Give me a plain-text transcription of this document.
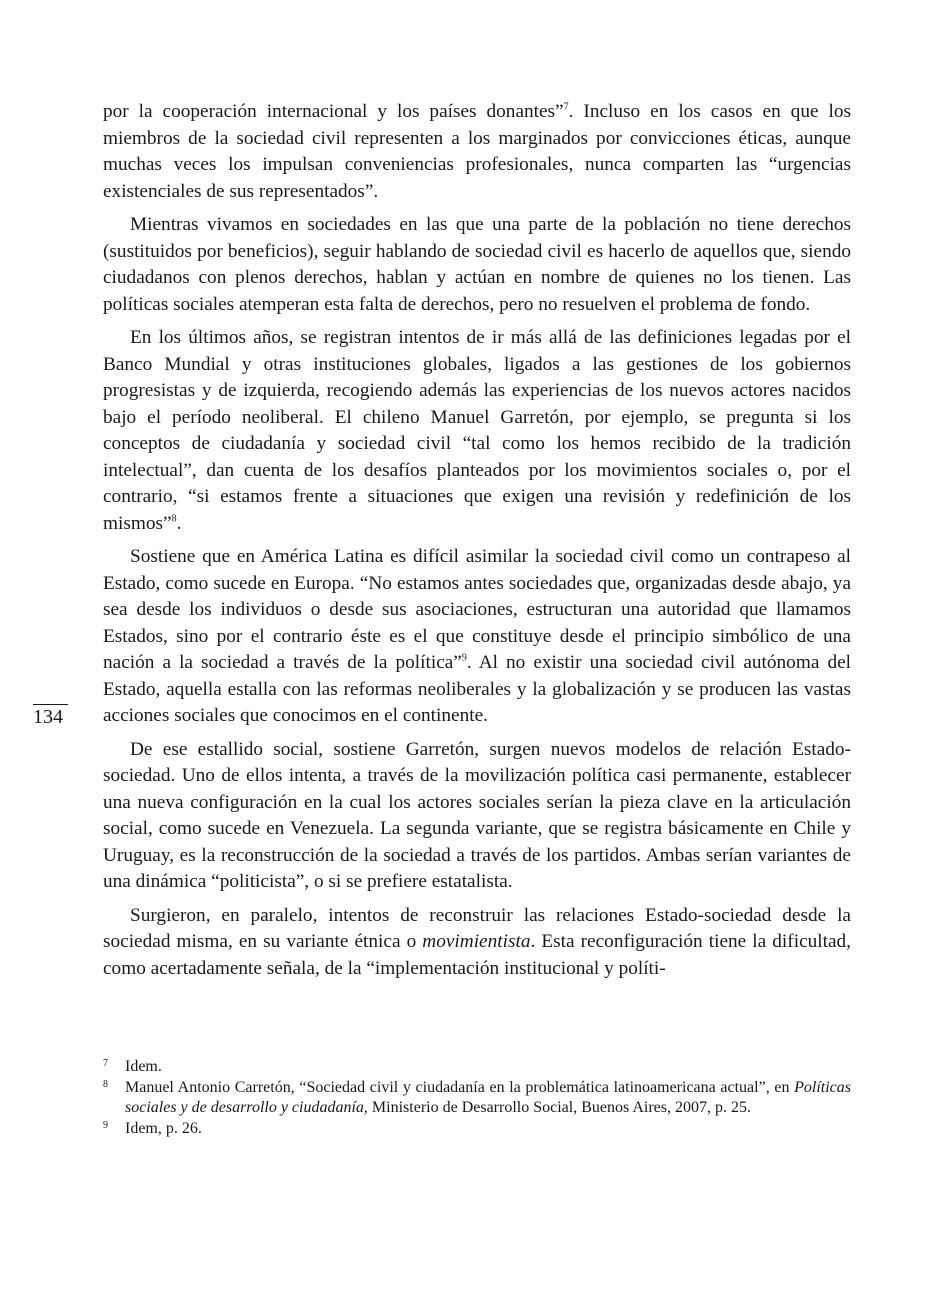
por la cooperación internacional y los países donantes”$^7$. Incluso en los casos en que los miembros de la sociedad civil representen a los marginados por convicciones éticas, aunque muchas veces los impulsan conveniencias profesionales, nunca comparten las “urgencias existenciales de sus representados”.

Mientras vivamos en sociedades en las que una parte de la población no tiene derechos (sustituidos por beneficios), seguir hablando de sociedad civil es hacerlo de aquellos que, siendo ciudadanos con plenos derechos, hablan y actúan en nombre de quienes no los tienen. Las políticas sociales atemperan esta falta de derechos, pero no resuelven el problema de fondo.

En los últimos años, se registran intentos de ir más allá de las definiciones legadas por el Banco Mundial y otras instituciones globales, ligados a las gestiones de los gobiernos progresistas y de izquierda, recogiendo además las experiencias de los nuevos actores nacidos bajo el período neoliberal. El chileno Manuel Garretón, por ejemplo, se pregunta si los conceptos de ciudadanía y sociedad civil “tal como los hemos recibido de la tradición intelectual”, dan cuenta de los desafíos planteados por los movimientos sociales o, por el contrario, “si estamos frente a situaciones que exigen una revisión y redefinición de los mismos”$^8$.

Sostiene que en América Latina es difícil asimilar la sociedad civil como un contrapeso al Estado, como sucede en Europa. “No estamos antes sociedades que, organizadas desde abajo, ya sea desde los individuos o desde sus asociaciones, estructuran una autoridad que llamamos Estados, sino por el contrario éste es el que constituye desde el principio simbólico de una nación a la sociedad a través de la política”$^9$. Al no existir una sociedad civil autónoma del Estado, aquella estalla con las reformas neoliberales y la globalización y se producen las vastas acciones sociales que conocimos en el continente.

De ese estallido social, sostiene Garretón, surgen nuevos modelos de relación Estado-sociedad. Uno de ellos intenta, a través de la movilización política casi permanente, establecer una nueva configuración en la cual los actores sociales serían la pieza clave en la articulación social, como sucede en Venezuela. La segunda variante, que se registra básicamente en Chile y Uruguay, es la reconstrucción de la sociedad a través de los partidos. Ambas serían variantes de una dinámica “politicista”, o si se prefiere estatalista.

Surgieron, en paralelo, intentos de reconstruir las relaciones Estado-sociedad desde la sociedad misma, en su variante étnica o movimientista. Esta reconfiguración tiene la dificultad, como acertadamente señala, de la “implementación institucional y políti-

134
7 Idem.
8 Manuel Antonio Carretón, “Sociedad civil y ciudadanía en la problemática latinoamericana actual”, en Políticas sociales y de desarrollo y ciudadanía, Ministerio de Desarrollo Social, Buenos Aires, 2007, p. 25.
9 Idem, p. 26.
